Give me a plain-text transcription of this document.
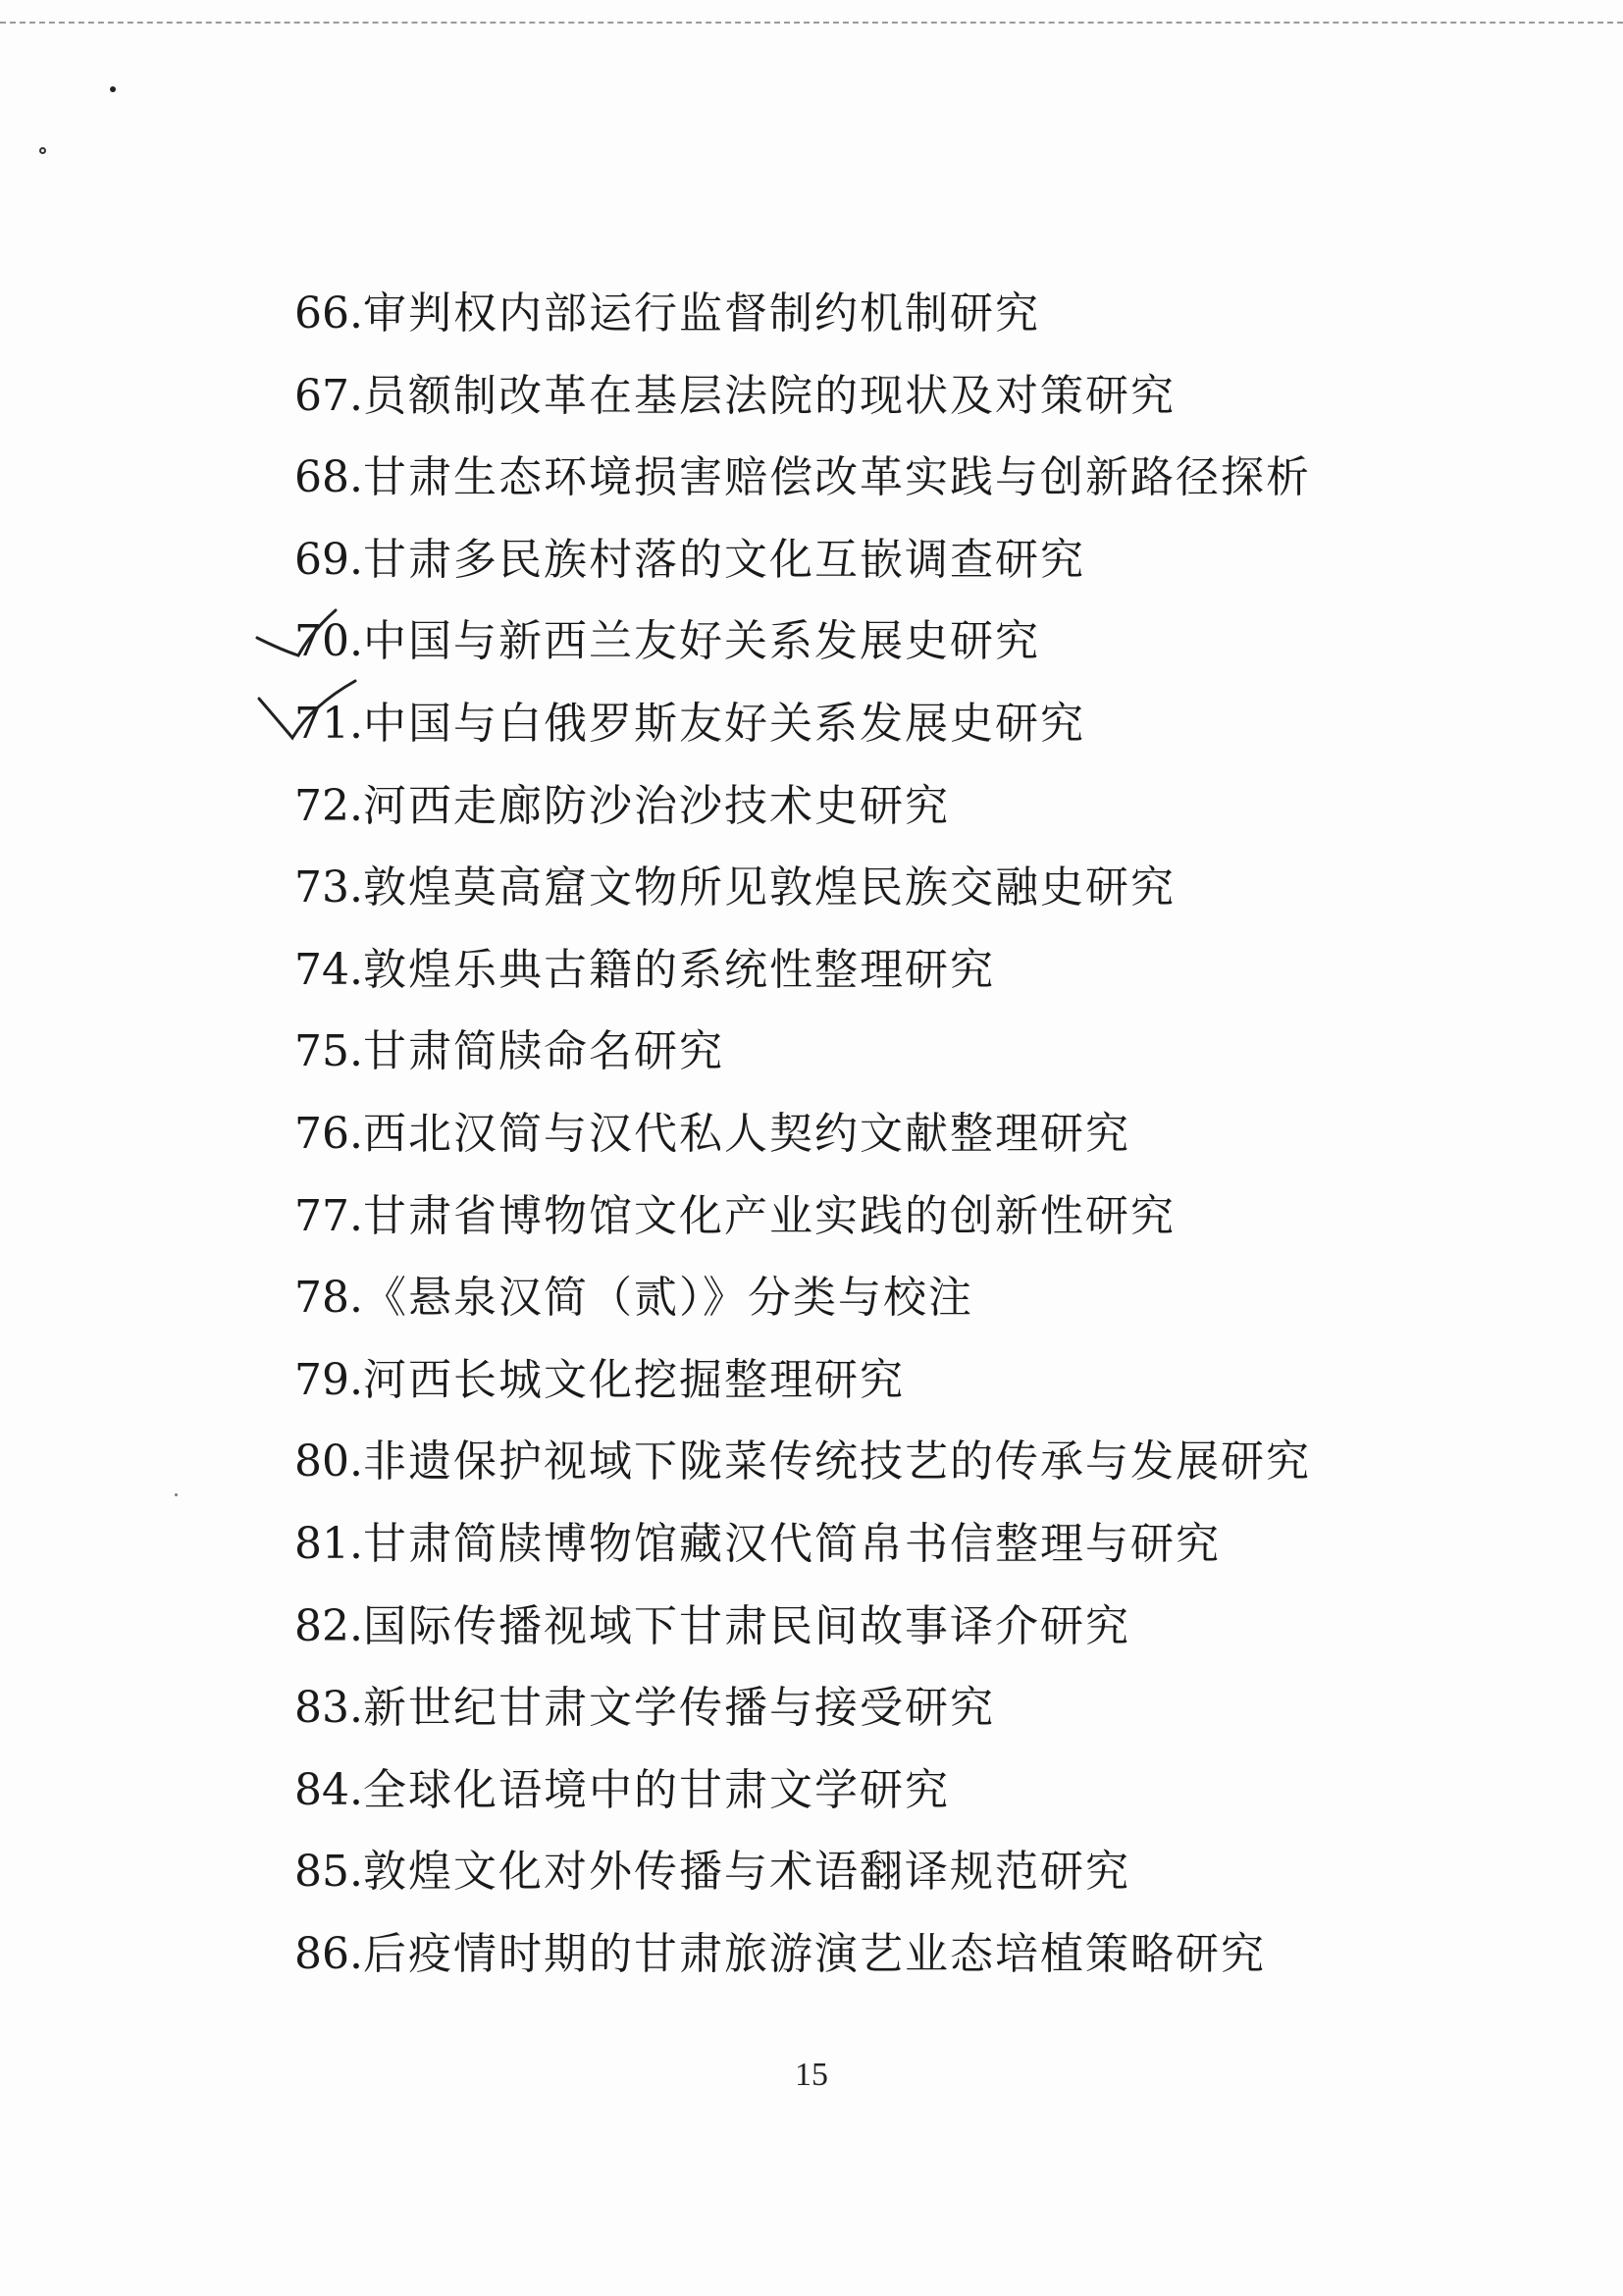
66.审判权内部运行监督制约机制研究
67.员额制改革在基层法院的现状及对策研究
68.甘肃生态环境损害赔偿改革实践与创新路径探析
69.甘肃多民族村落的文化互嵌调查研究
70.中国与新西兰友好关系发展史研究
71.中国与白俄罗斯友好关系发展史研究
72.河西走廊防沙治沙技术史研究
73.敦煌莫高窟文物所见敦煌民族交融史研究
74.敦煌乐典古籍的系统性整理研究
75.甘肃简牍命名研究
76.西北汉简与汉代私人契约文献整理研究
77.甘肃省博物馆文化产业实践的创新性研究
78.《悬泉汉简（贰）》分类与校注
79.河西长城文化挖掘整理研究
80.非遗保护视域下陇菜传统技艺的传承与发展研究
81.甘肃简牍博物馆藏汉代简帛书信整理与研究
82.国际传播视域下甘肃民间故事译介研究
83.新世纪甘肃文学传播与接受研究
84.全球化语境中的甘肃文学研究
85.敦煌文化对外传播与术语翻译规范研究
86.后疫情时期的甘肃旅游演艺业态培植策略研究
15
